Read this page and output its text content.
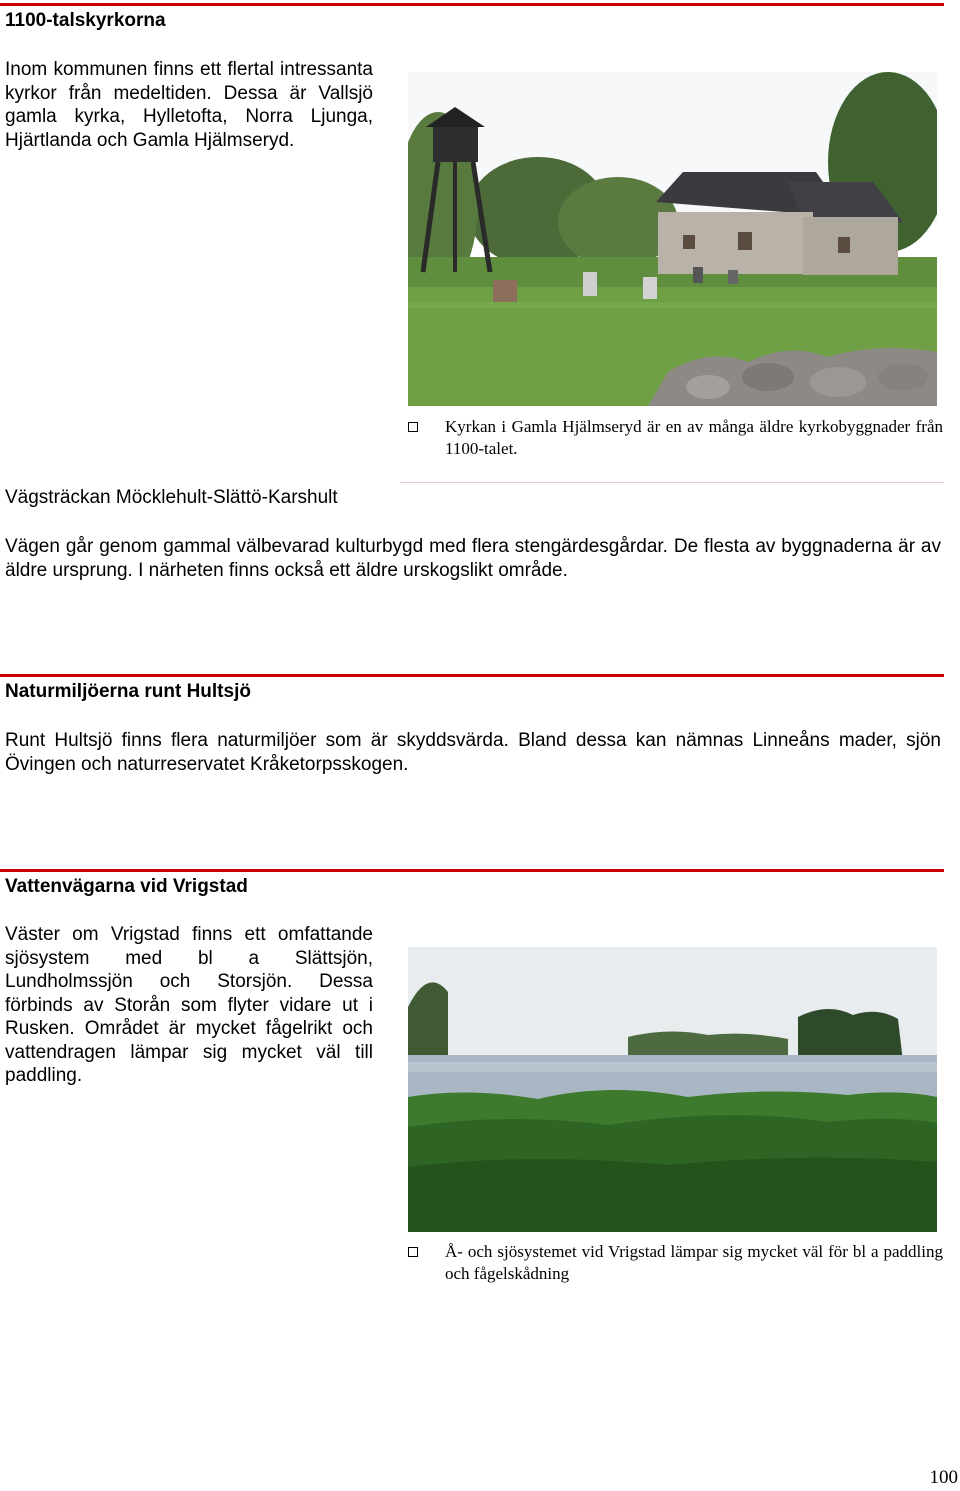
1100-talskyrkorna
Inom kommunen finns ett flertal intressanta kyrkor från medeltiden. Dessa är Vallsjö gamla kyrka, Hylletofta, Norra Ljunga, Hjärtlanda och Gamla Hjälmseryd.
Kyrkan i Gamla Hjälmseryd är en av många äldre kyrkobyggnader från 1100-talet.
Vägsträckan Möcklehult-Slättö-Karshult
Vägen går genom gammal välbevarad kulturbygd med flera stengärdesgårdar. De flesta av byggnaderna är av äldre ursprung. I närheten finns också ett äldre urskogslikt område.
Naturmiljöerna runt Hultsjö
Runt Hultsjö finns flera naturmiljöer som är skyddsvärda. Bland dessa kan nämnas Linneåns mader, sjön Övingen och naturreservatet Kråketorpsskogen.
Vattenvägarna vid Vrigstad
Väster om Vrigstad finns ett omfattande sjösystem med bl a Slättsjön, Lundholmssjön och Storsjön. Dessa förbinds av Storån som flyter vidare ut i Rusken. Området är mycket fågelrikt och vattendragen lämpar sig mycket väl till paddling.
Å- och sjösystemet vid Vrigstad lämpar sig mycket väl för bl a paddling och fågelskådning
100
